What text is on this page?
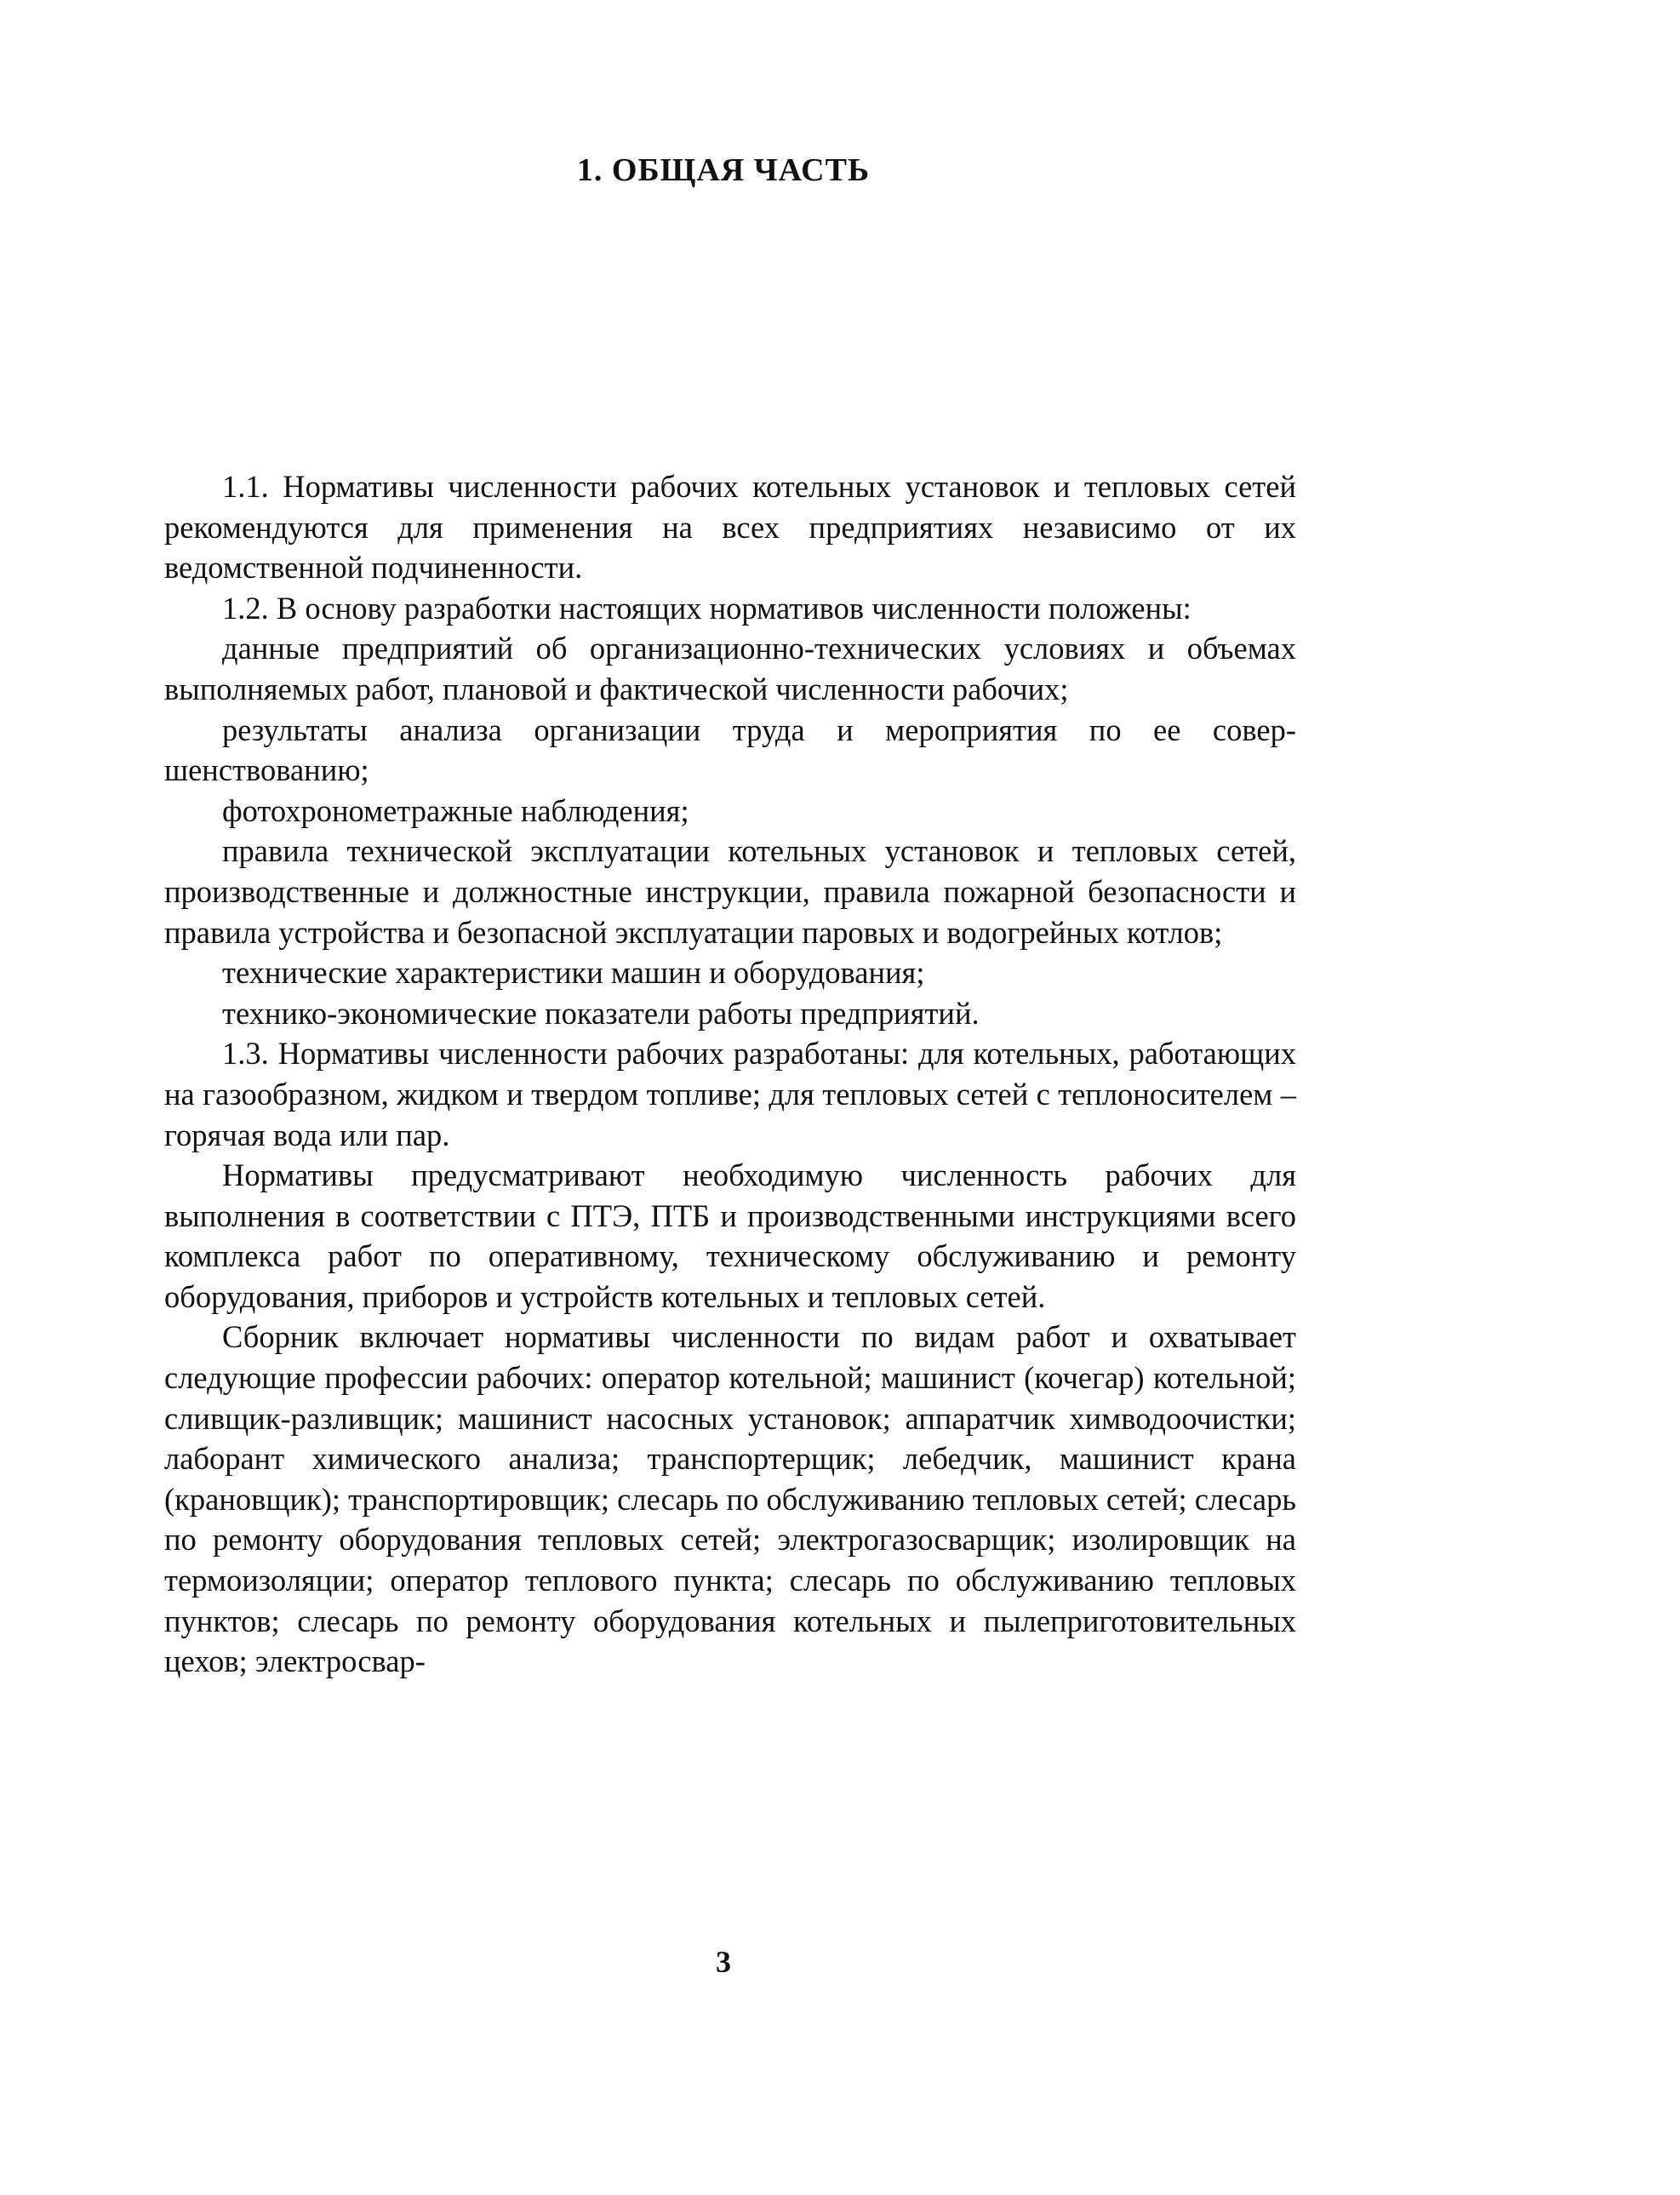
1. ОБЩАЯ ЧАСТЬ

1.1. Нормативы численности рабочих котельных установок и тепловых сетей рекомендуются для применения на всех предприятиях независимо от их ведомственной подчиненности.

1.2. В основу разработки настоящих нормативов численности положены:

данные предприятий об организационно-технических условиях и объемах выполняемых работ, плановой и фактической численности рабочих;

результаты анализа организации труда и мероприятия по ее совершенствованию;

фотохронометражные наблюдения;

правила технической эксплуатации котельных установок и тепловых сетей, производственные и должностные инструкции, правила пожарной безопасности и правила устройства и безопасной эксплуатации паровых и водогрейных котлов;

технические характеристики машин и оборудования;

технико-экономические показатели работы предприятий.

1.3. Нормативы численности рабочих разработаны: для котельных, работающих на газообразном, жидком и твердом топливе; для тепловых сетей с теплоносителем – горячая вода или пар.

Нормативы предусматривают необходимую численность рабочих для выполнения в соответствии с ПТЭ, ПТБ и производственными инструкциями всего комплекса работ по оперативному, техническому обслуживанию и ремонту оборудования, приборов и устройств котельных и тепловых сетей.

Сборник включает нормативы численности по видам работ и охватывает следующие профессии рабочих: оператор котельной; машинист (кочегар) котельной; сливщик-разливщик; машинист насосных установок; аппаратчик химводоочистки; лаборант химического анализа; транспортерщик; лебедчик, машинист крана (крановщик); транспортировщик; слесарь по обслуживанию тепловых сетей; слесарь по ремонту оборудования тепловых сетей; электрогазосварщик; изолировщик на термоизоляции; оператор теплового пункта; слесарь по обслуживанию тепловых пунктов; слесарь по ремонту оборудования котельных и пылеприготовительных цехов; электросвар-

3
